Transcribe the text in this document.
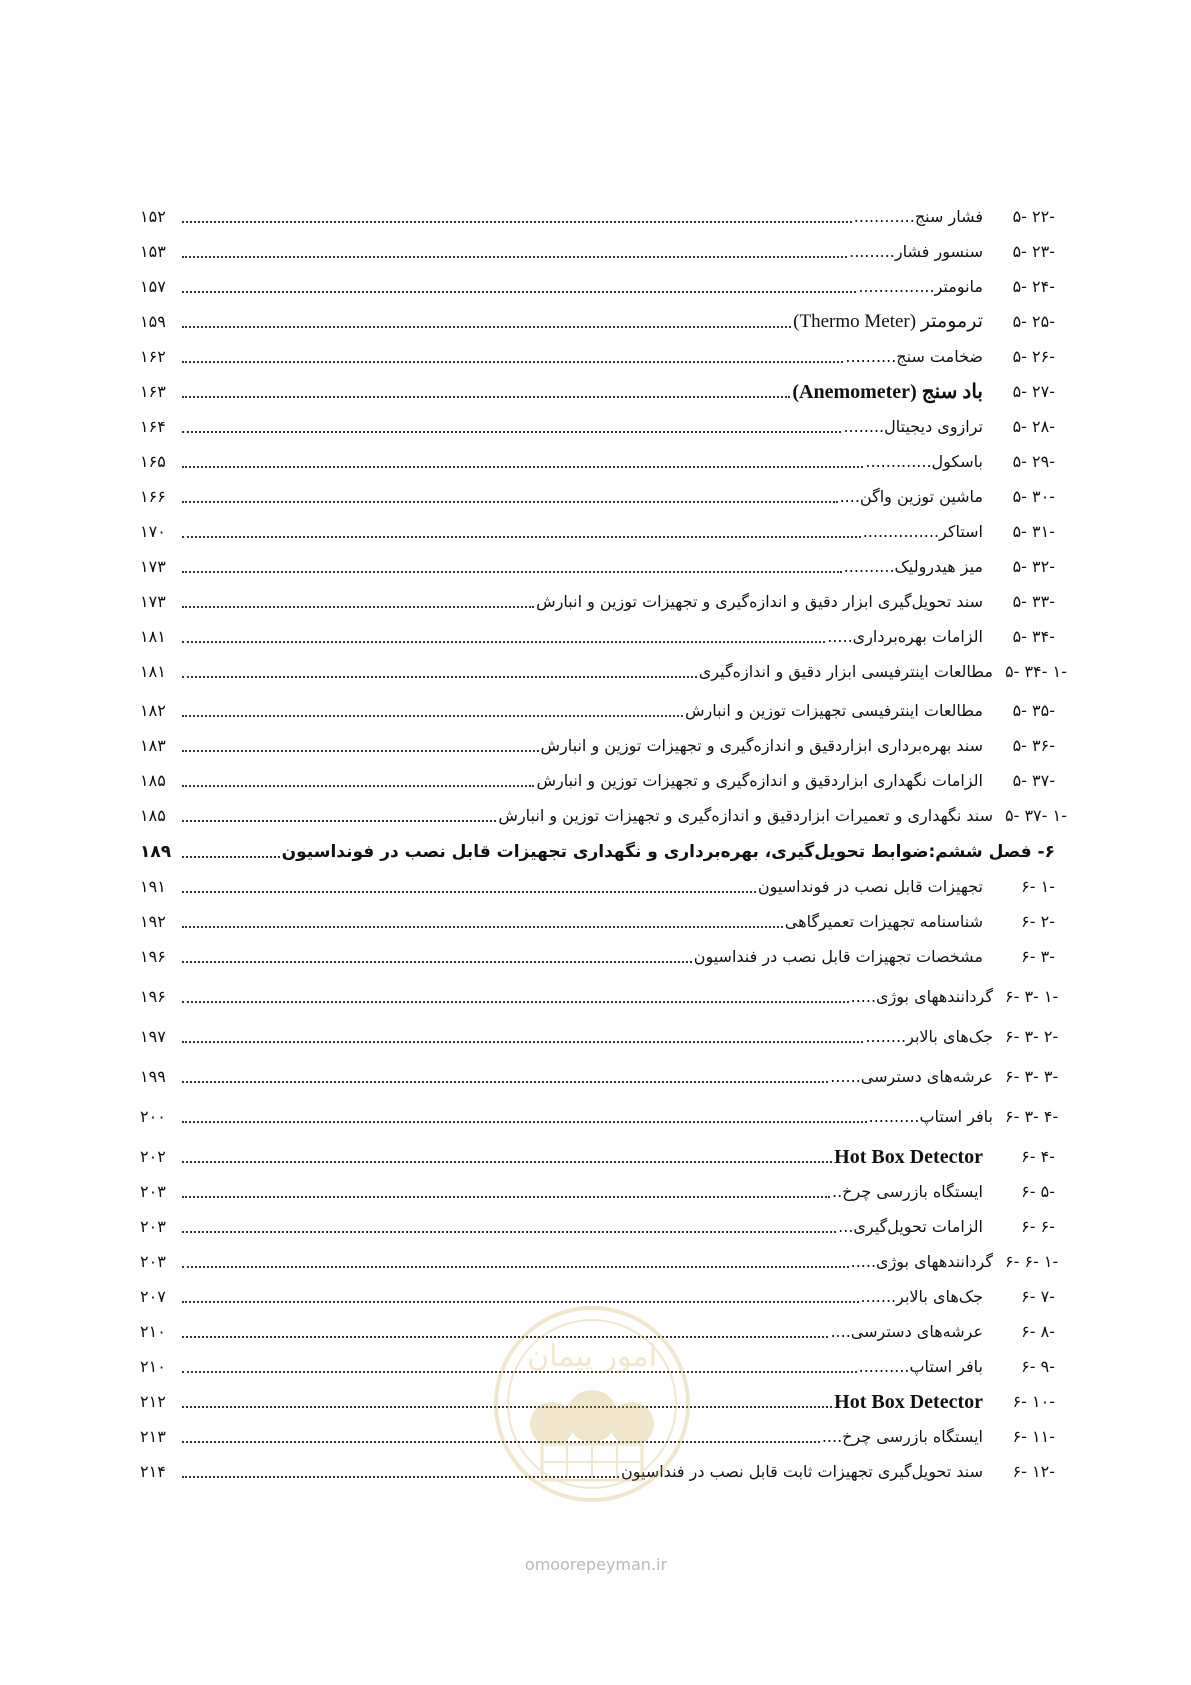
۵- ۲۲-
فشار سنج............
۱۵۲
۵- ۲۳-
سنسور فشار.........
۱۵۳
۵- ۲۴-
مانومتر...............
۱۵۷
۵- ۲۵-
ترمومتر (Thermo Meter)
۱۵۹
۵- ۲۶-
ضخامت سنج..........
۱۶۲
۵- ۲۷-
باد سنج (Anemometer)
۱۶۳
۵- ۲۸-
ترازوی دیجیتال........
۱۶۴
۵- ۲۹-
باسکول.............
۱۶۵
۵- ۳۰-
ماشین توزین واگن....
۱۶۶
۵- ۳۱-
استاکر...............
۱۷۰
۵- ۳۲-
میز هیدرولیک..........
۱۷۳
۵- ۳۳-
سند تحویل‌گیری ابزار دقیق و اندازه‌گیری و تجهیزات توزین و انبارش
۱۷۳
۵- ۳۴-
الزامات بهره‌برداری.....
۱۸۱
۵- ۳۴- ۱-
مطالعات اینترفیسی ابزار دقیق و اندازه‌گیری
۱۸۱
۵- ۳۵-
مطالعات اینترفیسی تجهیزات توزین و انبارش
۱۸۲
۵- ۳۶-
سند بهره‌برداری ابزاردقیق و اندازه‌گیری و تجهیزات توزین و انبارش
۱۸۳
۵- ۳۷-
الزامات نگهداری ابزاردقیق و اندازه‌گیری و تجهیزات توزین و انبارش
۱۸۵
۵- ۳۷- ۱-
سند نگهداری و تعمیرات ابزاردقیق و اندازه‌گیری و تجهیزات توزین و انبارش
۱۸۵
۶- فصل ششم:ضوابط تحویل‌گیری، بهره‌برداری و نگهداری تجهیزات قابل نصب در فونداسیون
۱۸۹
۶- ۱-
تجهیزات قابل نصب در فونداسیون
۱۹۱
۶- ۲-
شناسنامه تجهیزات تعمیرگاهی
۱۹۲
۶- ۳-
مشخصات تجهیزات قابل نصب در فنداسیون
۱۹۶
۶- ۳- ۱-
گردانندههای بوژی.....
۱۹۶
۶- ۳- ۲-
جک‌های بالابر........
۱۹۷
۶- ۳- ۳-
عرشه‌های دسترسی......
۱۹۹
۶- ۳- ۴-
بافر استاپ..........
۲۰۰
۶- ۴-
Hot Box Detector
۲۰۲
۶- ۵-
ایستگاه بازرسی چرخ..
۲۰۳
۶- ۶-
الزامات تحویل‌گیری...
۲۰۳
۶- ۶- ۱-
گردانندههای بوژی.....
۲۰۳
۶- ۷-
جک‌های بالابر.......
۲۰۷
۶- ۸-
عرشه‌های دسترسی....
۲۱۰
۶- ۹-
بافر استاپ..........
۲۱۰
۶- ۱۰-
Hot Box Detector
۲۱۲
۶- ۱۱-
ایستگاه بازرسی چرخ....
۲۱۳
۶- ۱۲-
سند تحویل‌گیری تجهیزات ثابت قابل نصب در فنداسیون
۲۱۴
امور پیمان
omoorepeyman.ir
